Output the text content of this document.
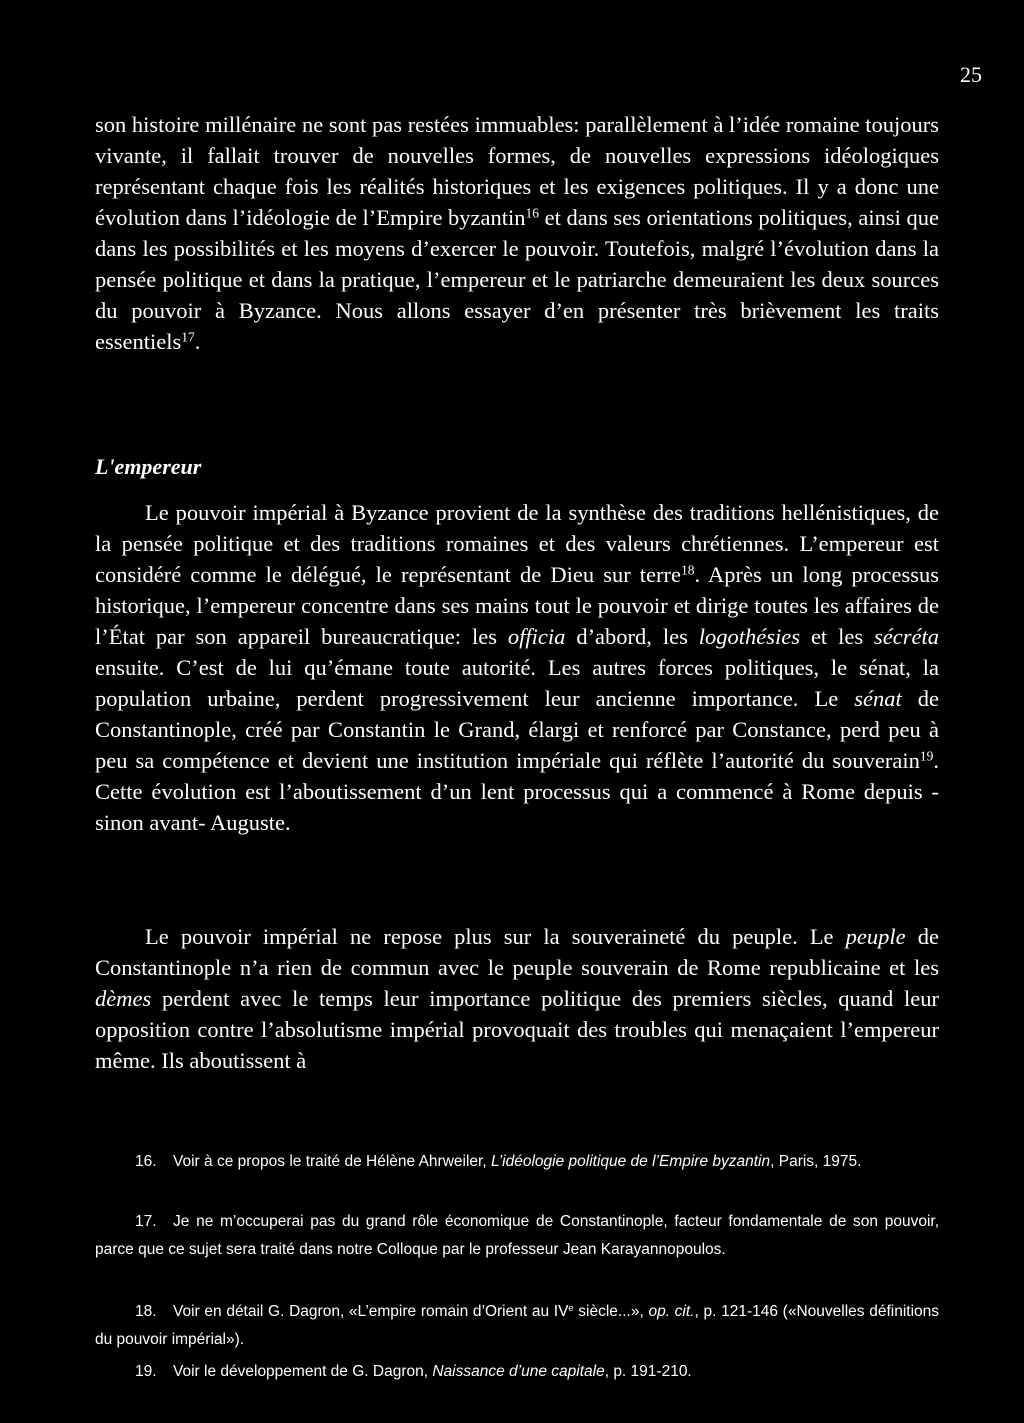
25

son histoire millénaire ne sont pas restées immuables: parallèlement à l’idée romaine toujours vivante, il fallait trouver de nouvelles formes, de nouvelles expressions idéologiques représentant chaque fois les réalités historiques et les exigences politiques. Il y a donc une évolution dans l’idéologie de l’Empire byzantin$^{16}$ et dans ses orientations politiques, ainsi que dans les possibilités et les moyens d’exercer le pouvoir. Toutefois, malgré l’évolution dans la pensée politique et dans la pratique, l’empereur et le patriarche demeuraient les deux sources du pouvoir à Byzance. Nous allons essayer d’en présenter très brièvement les traits essentiels$^{17}$.

L'empereur

Le pouvoir impérial à Byzance provient de la synthèse des traditions hellénistiques, de la pensée politique et des traditions romaines et des valeurs chrétiennes. L’empereur est considéré comme le délégué, le représentant de Dieu sur terre$^{18}$. Après un long processus historique, l’empereur concentre dans ses mains tout le pouvoir et dirige toutes les affaires de l’État par son appareil bureaucratique: les officia d’abord, les logothésies et les sécréta ensuite. C’est de lui qu’émane toute autorité. Les autres forces politiques, le sénat, la population urbaine, perdent progressivement leur ancienne importance. Le sénat de Constantinople, créé par Constantin le Grand, élargi et renforcé par Constance, perd peu à peu sa compétence et devient une institution impériale qui réflète l’autorité du souverain$^{19}$. Cette évolution est l’aboutissement d’un lent processus qui a commencé à Rome depuis -sinon avant- Auguste.

Le pouvoir impérial ne repose plus sur la souveraineté du peuple. Le peuple de Constantinople n’a rien de commun avec le peuple souverain de Rome republicaine et les dèmes perdent avec le temps leur importance politique des premiers siècles, quand leur opposition contre l’absolutisme impérial provoquait des troubles qui menaçaient l’empereur même. Ils aboutissent à

16. Voir à ce propos le traité de Hélène Ahrweiler, L’idéologie politique de l’Empire byzantin, Paris, 1975.

17. Je ne m’occuperai pas du grand rôle économique de Constantinople, facteur fondamentale de son pouvoir, parce que ce sujet sera traité dans notre Colloque par le professeur Jean Karayannopoulos.

18. Voir en détail G. Dagron, «L’empire romain d’Orient au IVe siècle...», op. cit., p. 121-146 («Nouvelles définitions du pouvoir impérial»).

19. Voir le développement de G. Dagron, Naissance d’une capitale, p. 191-210.
